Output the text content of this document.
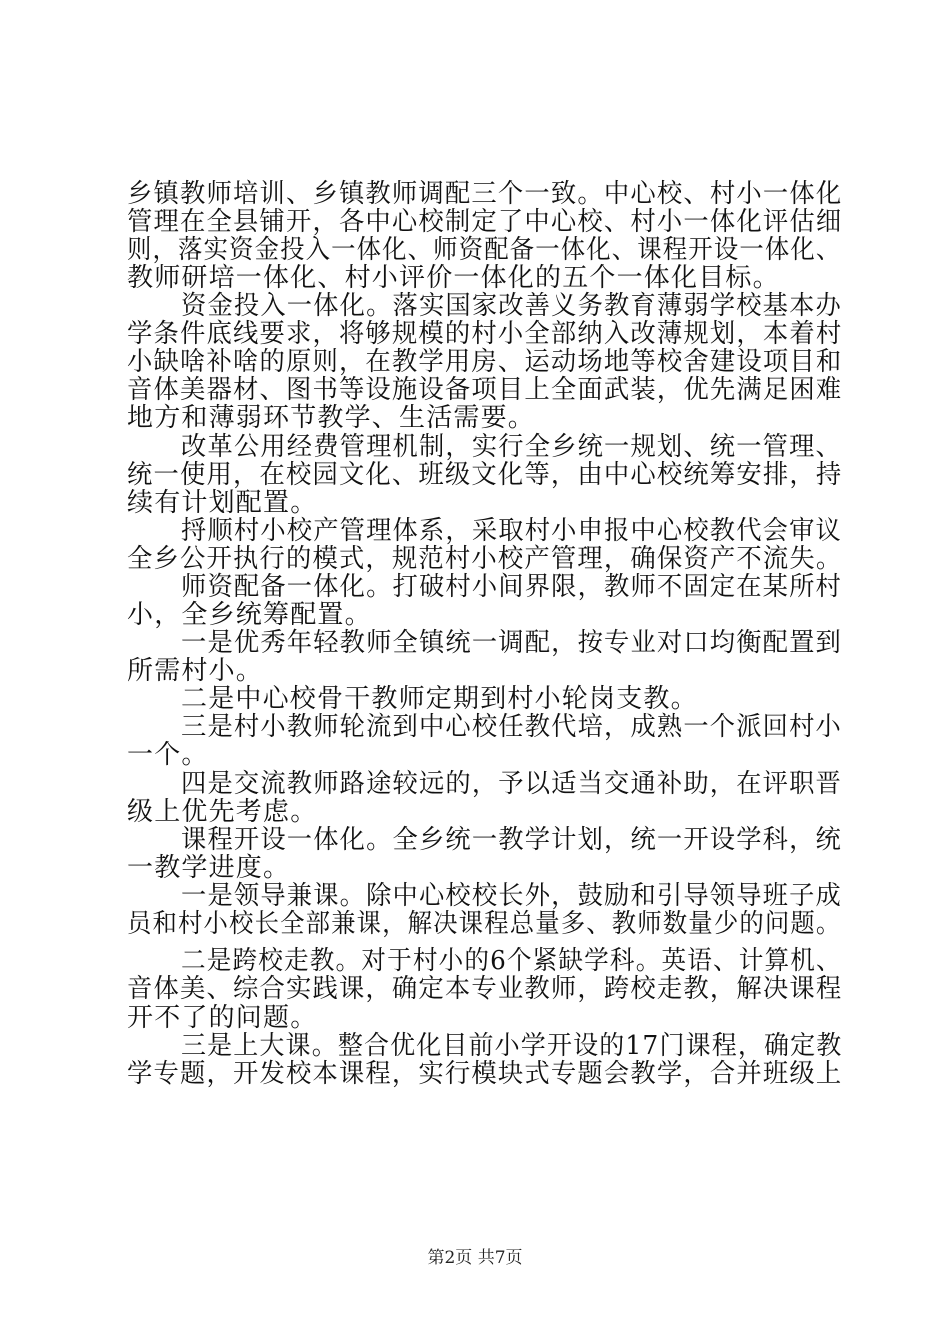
乡镇教师培训、乡镇教师调配三个一致。中心校、村小一体化
管理在全县铺开，各中心校制定了中心校、村小一体化评估细
则，落实资金投入一体化、师资配备一体化、课程开设一体化、
教师研培一体化、村小评价一体化的五个一体化目标。
资金投入一体化。落实国家改善义务教育薄弱学校基本办
学条件底线要求，将够规模的村小全部纳入改薄规划，本着村
小缺啥补啥的原则，在教学用房、运动场地等校舍建设项目和
音体美器材、图书等设施设备项目上全面武装，优先满足困难
地方和薄弱环节教学、生活需要。
改革公用经费管理机制，实行全乡统一规划、统一管理、
统一使用，在校园文化、班级文化等，由中心校统筹安排，持
续有计划配置。
捋顺村小校产管理体系，采取村小申报中心校教代会审议
全乡公开执行的模式，规范村小校产管理，确保资产不流失。
师资配备一体化。打破村小间界限，教师不固定在某所村
小，全乡统筹配置。
一是优秀年轻教师全镇统一调配，按专业对口均衡配置到
所需村小。
二是中心校骨干教师定期到村小轮岗支教。
三是村小教师轮流到中心校任教代培，成熟一个派回村小
一个。
四是交流教师路途较远的，予以适当交通补助，在评职晋
级上优先考虑。
课程开设一体化。全乡统一教学计划，统一开设学科，统
一教学进度。
一是领导兼课。除中心校校长外，鼓励和引导领导班子成
员和村小校长全部兼课，解决课程总量多、教师数量少的问题。
二是跨校走教。对于村小的6个紧缺学科。英语、计算机、
音体美、综合实践课，确定本专业教师，跨校走教，解决课程
开不了的问题。
三是上大课。整合优化目前小学开设的17门课程，确定教
学专题，开发校本课程，实行模块式专题会教学，合并班级上
第2页 共7页
